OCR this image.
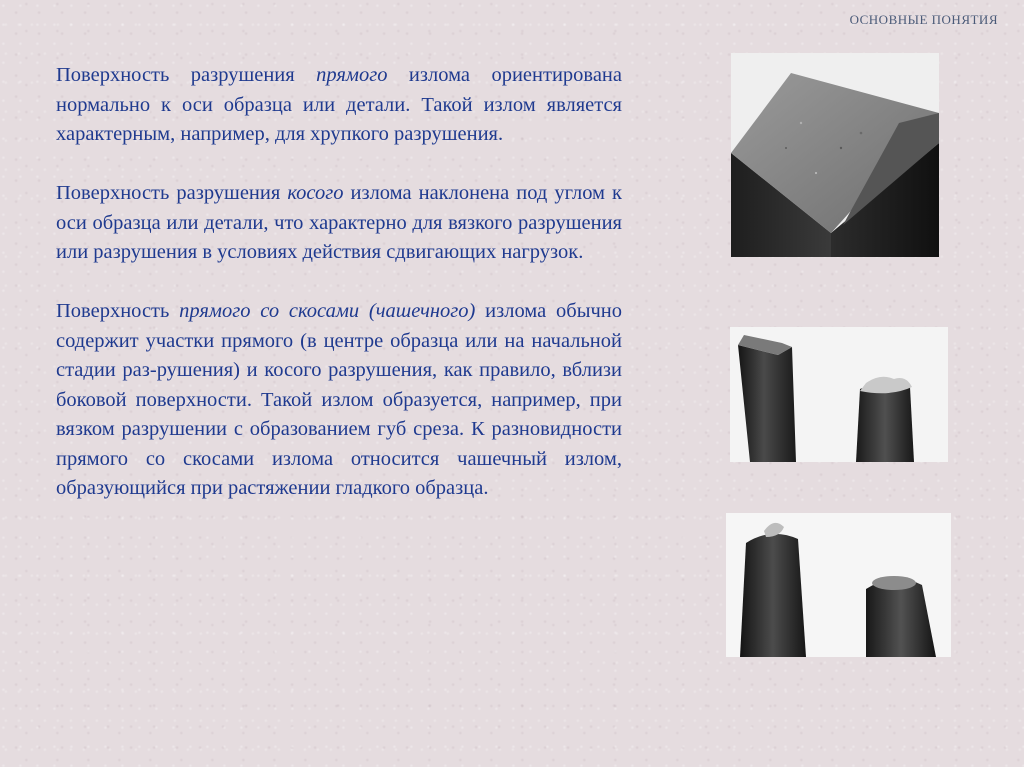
ОСНОВНЫЕ ПОНЯТИЯ

Поверхность разрушения прямого излома ориентирована нормально к оси образца или детали. Такой излом является характерным, например, для хрупкого разрушения.

Поверхность разрушения косого излома наклонена под углом к оси образца или детали, что характерно для вязкого разрушения или разрушения в условиях действия сдвигающих нагрузок.

Поверхность прямого со скосами (чашечного) излома обычно содержит участки прямого (в центре образца или на начальной стадии раз-рушения) и косого разрушения, как правило, вблизи боковой поверхности. Такой излом образуется, например, при вязком разрушении с образованием губ среза. К разновидности прямого со скосами излома относится чашечный излом, образующийся при растяжении гладкого образца.
